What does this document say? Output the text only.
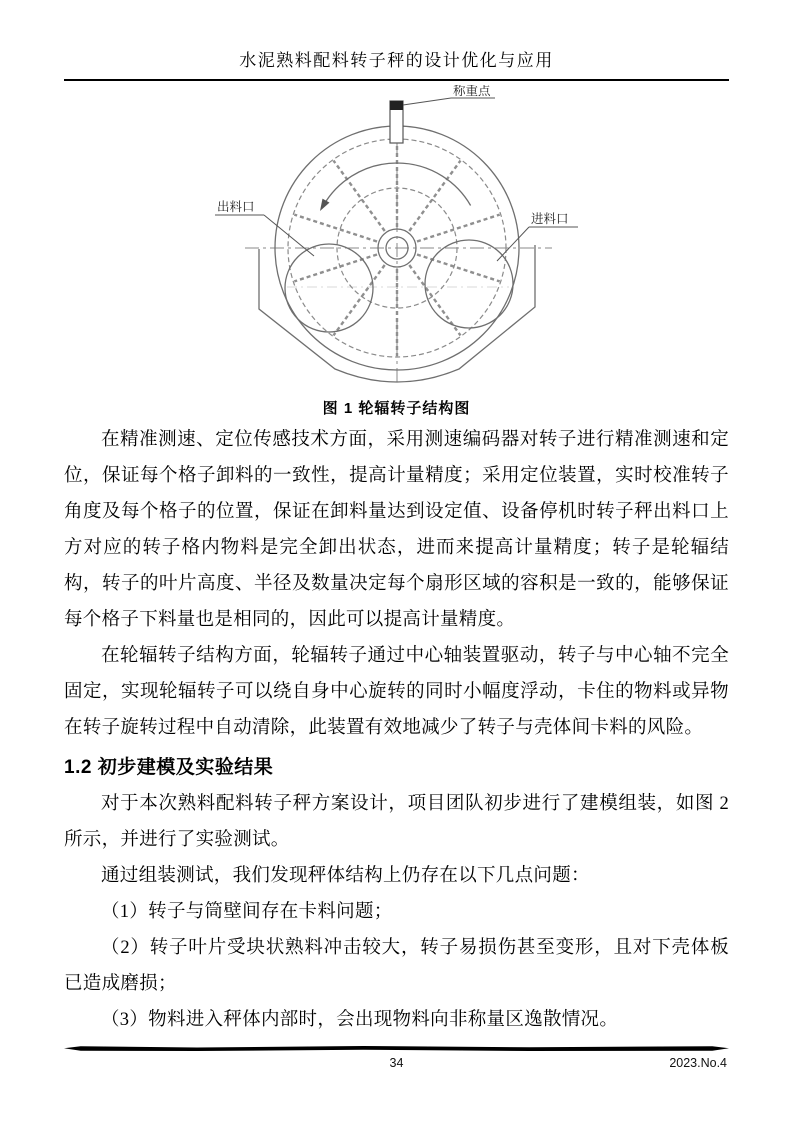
水泥熟料配料转子秤的设计优化与应用
称重点
出料口
进料口
图 1 轮辐转子结构图

在精准测速、定位传感技术方面，采用测速编码器对转子进行精准测速和定位，保证每个格子卸料的一致性，提高计量精度；采用定位装置，实时校准转子角度及每个格子的位置，保证在卸料量达到设定值、设备停机时转子秤出料口上方对应的转子格内物料是完全卸出状态，进而来提高计量精度；转子是轮辐结构，转子的叶片高度、半径及数量决定每个扇形区域的容积是一致的，能够保证每个格子下料量也是相同的，因此可以提高计量精度。

在轮辐转子结构方面，轮辐转子通过中心轴装置驱动，转子与中心轴不完全固定，实现轮辐转子可以绕自身中心旋转的同时小幅度浮动，卡住的物料或异物在转子旋转过程中自动清除，此装置有效地减少了转子与壳体间卡料的风险。

1.2 初步建模及实验结果

对于本次熟料配料转子秤方案设计，项目团队初步进行了建模组装，如图 2所示，并进行了实验测试。

通过组装测试，我们发现秤体结构上仍存在以下几点问题：

（1）转子与筒壁间存在卡料问题；

（2）转子叶片受块状熟料冲击较大，转子易损伤甚至变形，且对下壳体板已造成磨损；

（3）物料进入秤体内部时，会出现物料向非称量区逸散情况。

34	2023.No.4
